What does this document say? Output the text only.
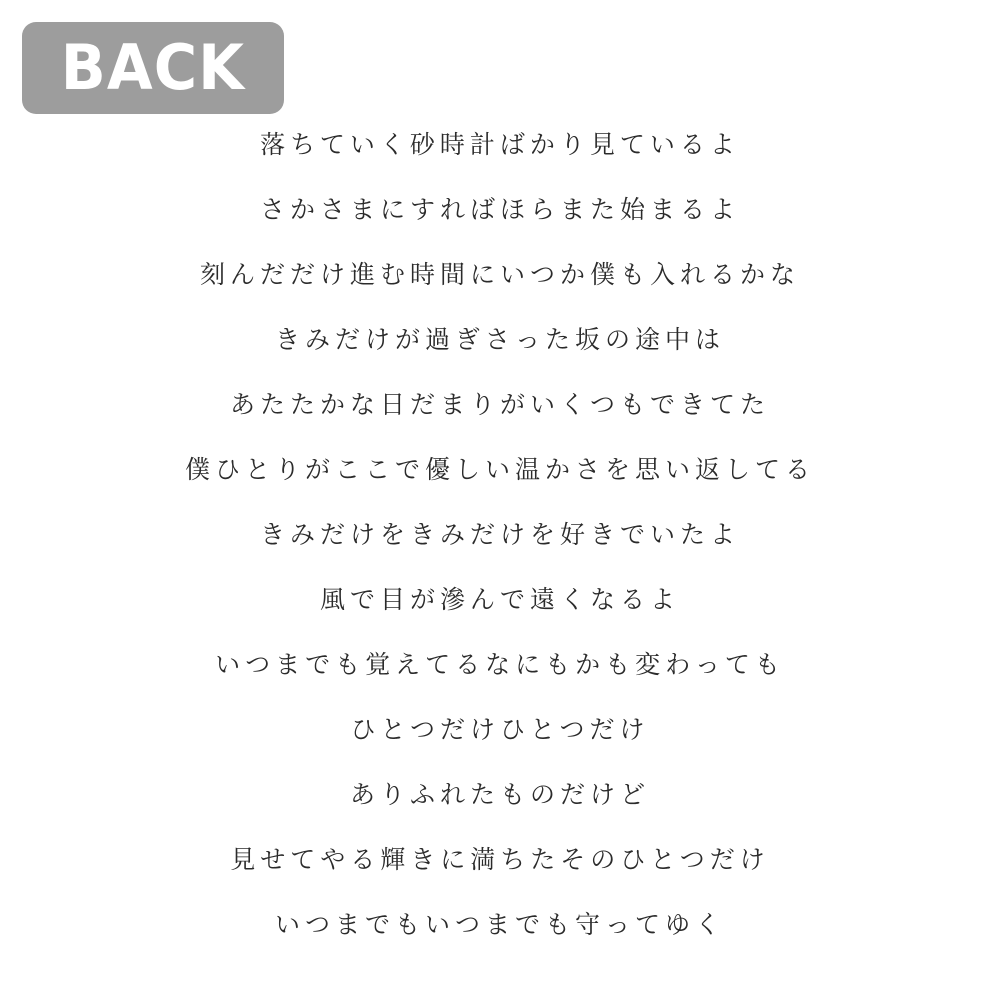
BACK
落ちていく砂時計ばかり見ているよ
さかさまにすればほらまた始まるよ
刻んだだけ進む時間にいつか僕も入れるかな
きみだけが過ぎさった坂の途中は
あたたかな日だまりがいくつもできてた
僕ひとりがここで優しい温かさを思い返してる
きみだけをきみだけを好きでいたよ
風で目が滲んで遠くなるよ
いつまでも覚えてるなにもかも変わっても
ひとつだけひとつだけ
ありふれたものだけど
見せてやる輝きに満ちたそのひとつだけ
いつまでもいつまでも守ってゆく
